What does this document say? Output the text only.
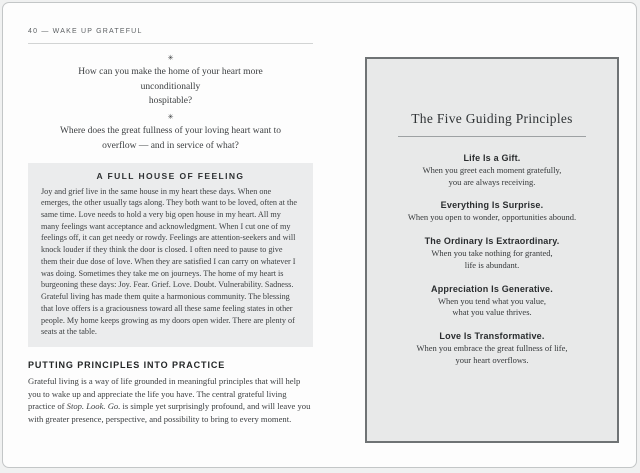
40 — WAKE UP GRATEFUL
✳
How can you make the home of your heart more unconditionally
hospitable?
✳
Where does the great fullness of your loving heart want to
overflow — and in service of what?
A FULL HOUSE OF FEELING
Joy and grief live in the same house in my heart these days. When one emerges, the other usually tags along. They both want to be loved, often at the same time. Love needs to hold a very big open house in my heart. All my many feelings want acceptance and acknowledgment. When I cut one of my feelings off, it can get needy or rowdy. Feelings are attention-seekers and will knock louder if they think the door is closed. I often need to pause to give them their due dose of love. When they are satisfied I can carry on whatever I was doing. Sometimes they take me on journeys. The home of my heart is burgeoning these days: Joy. Fear. Grief. Love. Doubt. Vulnerability. Sadness. Grateful living has made them quite a harmonious community. The blessing that love offers is a graciousness toward all these same feeling states in other people. My home keeps growing as my doors open wider. There are plenty of seats at the table.
PUTTING PRINCIPLES INTO PRACTICE
Grateful living is a way of life grounded in meaningful principles that will help you to wake up and appreciate the life you have. The central grateful living practice of Stop. Look. Go. is simple yet surprisingly profound, and will leave you with greater presence, perspective, and possibility to bring to every moment.
The Five Guiding Principles
Life Is a Gift.
When you greet each moment gratefully,
you are always receiving.
Everything Is Surprise.
When you open to wonder, opportunities abound.
The Ordinary Is Extraordinary.
When you take nothing for granted,
life is abundant.
Appreciation Is Generative.
When you tend what you value,
what you value thrives.
Love Is Transformative.
When you embrace the great fullness of life,
your heart overflows.
